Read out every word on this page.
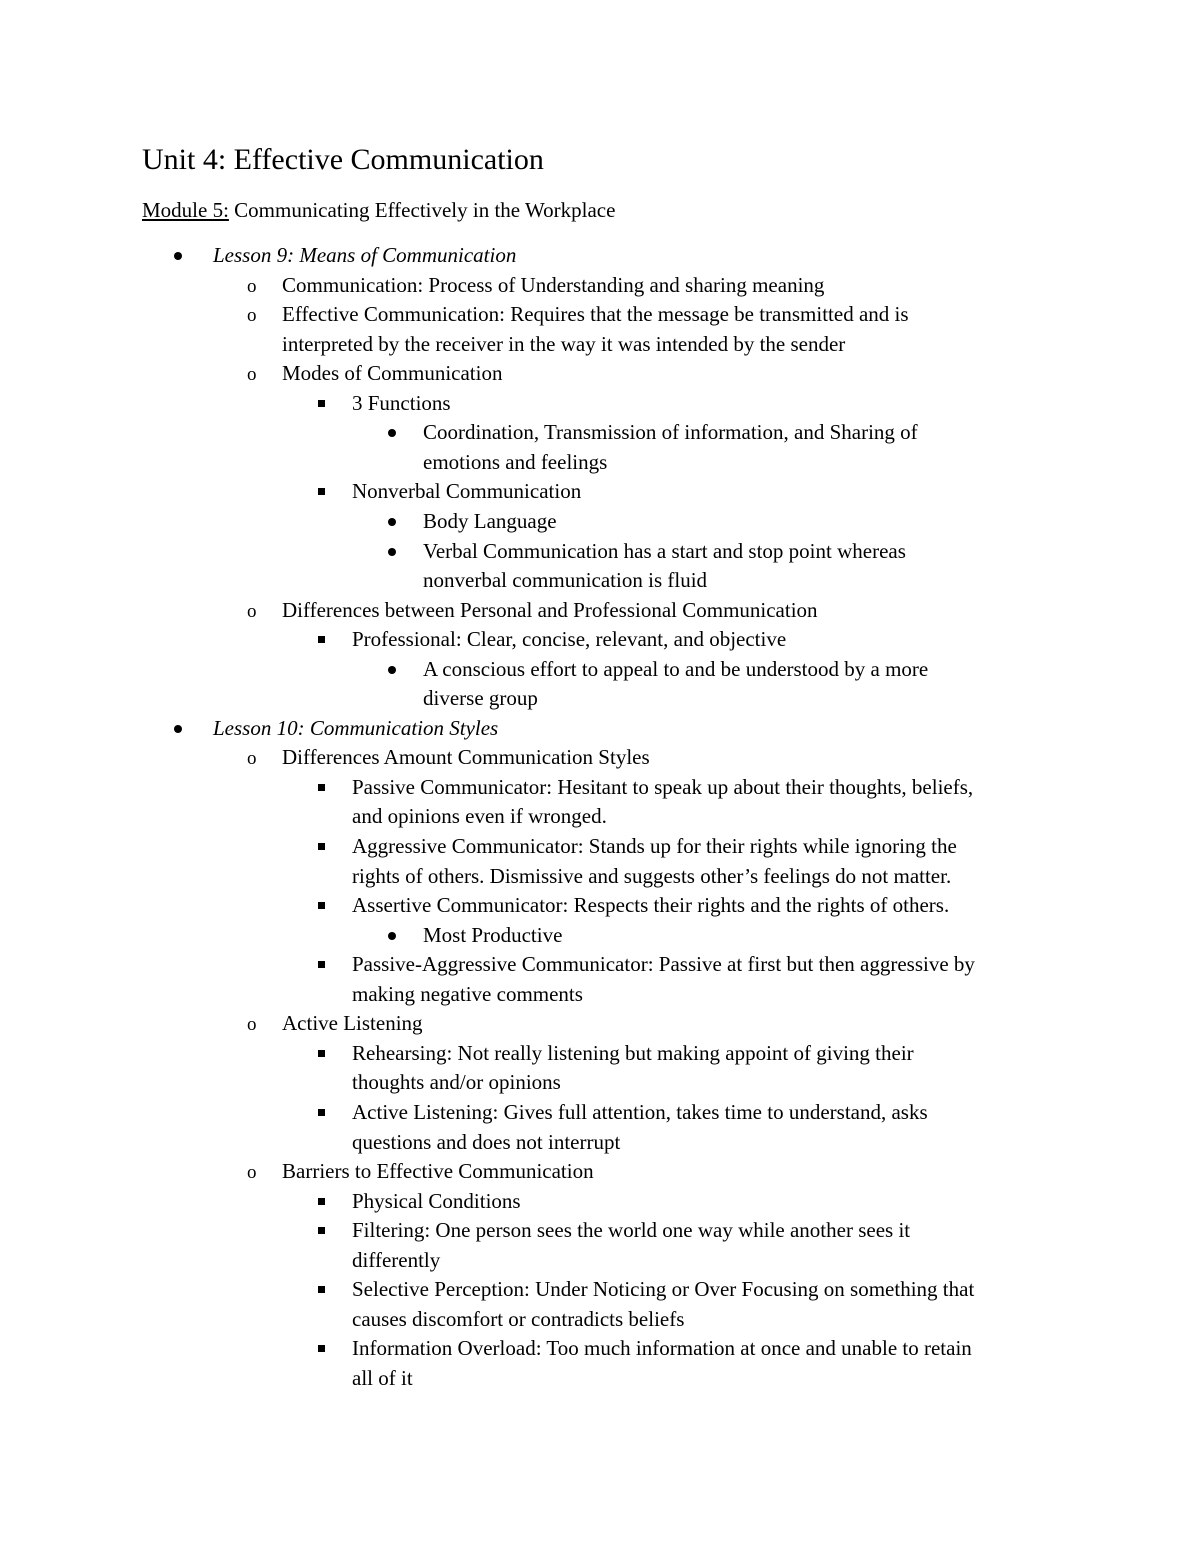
Unit 4: Effective Communication
Module 5: Communicating Effectively in the Workplace
Lesson 9: Means of Communication
o Communication: Process of Understanding and sharing meaning
o Effective Communication: Requires that the message be transmitted and is
interpreted by the receiver in the way it was intended by the sender
o Modes of Communication
3 Functions
Coordination, Transmission of information, and Sharing of
emotions and feelings
Nonverbal Communication
Body Language
Verbal Communication has a start and stop point whereas
nonverbal communication is fluid
o Differences between Personal and Professional Communication
Professional: Clear, concise, relevant, and objective
A conscious effort to appeal to and be understood by a more
diverse group
Lesson 10: Communication Styles
o Differences Amount Communication Styles
Passive Communicator: Hesitant to speak up about their thoughts, beliefs,
and opinions even if wronged.
Aggressive Communicator: Stands up for their rights while ignoring the
rights of others. Dismissive and suggests other’s feelings do not matter.
Assertive Communicator: Respects their rights and the rights of others.
Most Productive
Passive-Aggressive Communicator: Passive at first but then aggressive by
making negative comments
o Active Listening
Rehearsing: Not really listening but making appoint of giving their
thoughts and/or opinions
Active Listening: Gives full attention, takes time to understand, asks
questions and does not interrupt
o Barriers to Effective Communication
Physical Conditions
Filtering: One person sees the world one way while another sees it
differently
Selective Perception: Under Noticing or Over Focusing on something that
causes discomfort or contradicts beliefs
Information Overload: Too much information at once and unable to retain
all of it
